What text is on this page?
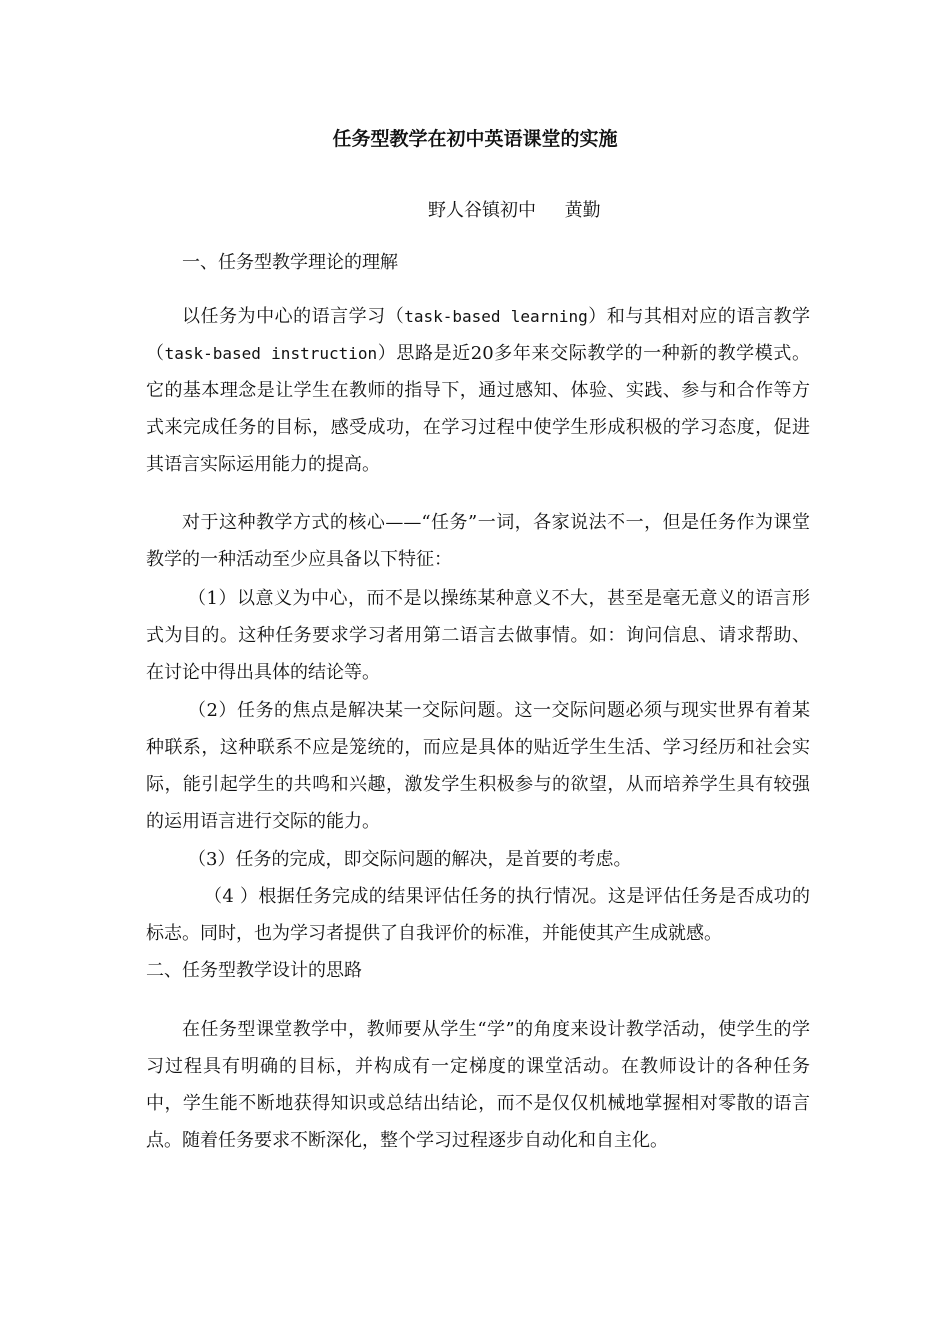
任务型教学在初中英语课堂的实施
野人谷镇初中     黄勤
一、任务型教学理论的理解
以任务为中心的语言学习（task-based learning）和与其相对应的语言教学（task-based instruction）思路是近20多年来交际教学的一种新的教学模式。它的基本理念是让学生在教师的指导下，通过感知、体验、实践、参与和合作等方式来完成任务的目标，感受成功，在学习过程中使学生形成积极的学习态度，促进其语言实际运用能力的提高。
对于这种教学方式的核心——“任务”一词，各家说法不一，但是任务作为课堂教学的一种活动至少应具备以下特征：
（1）以意义为中心，而不是以操练某种意义不大，甚至是毫无意义的语言形式为目的。这种任务要求学习者用第二语言去做事情。如：询问信息、请求帮助、在讨论中得出具体的结论等。
（2）任务的焦点是解决某一交际问题。这一交际问题必须与现实世界有着某种联系，这种联系不应是笼统的，而应是具体的贴近学生生活、学习经历和社会实际，能引起学生的共鸣和兴趣，激发学生积极参与的欲望，从而培养学生具有较强的运用语言进行交际的能力。
（3）任务的完成，即交际问题的解决，是首要的考虑。
（4 ）根据任务完成的结果评估任务的执行情况。这是评估任务是否成功的标志。同时，也为学习者提供了自我评价的标准，并能使其产生成就感。
二、任务型教学设计的思路
在任务型课堂教学中，教师要从学生“学”的角度来设计教学活动，使学生的学习过程具有明确的目标，并构成有一定梯度的课堂活动。在教师设计的各种任务中，学生能不断地获得知识或总结出结论，而不是仅仅机械地掌握相对零散的语言点。随着任务要求不断深化，整个学习过程逐步自动化和自主化。
